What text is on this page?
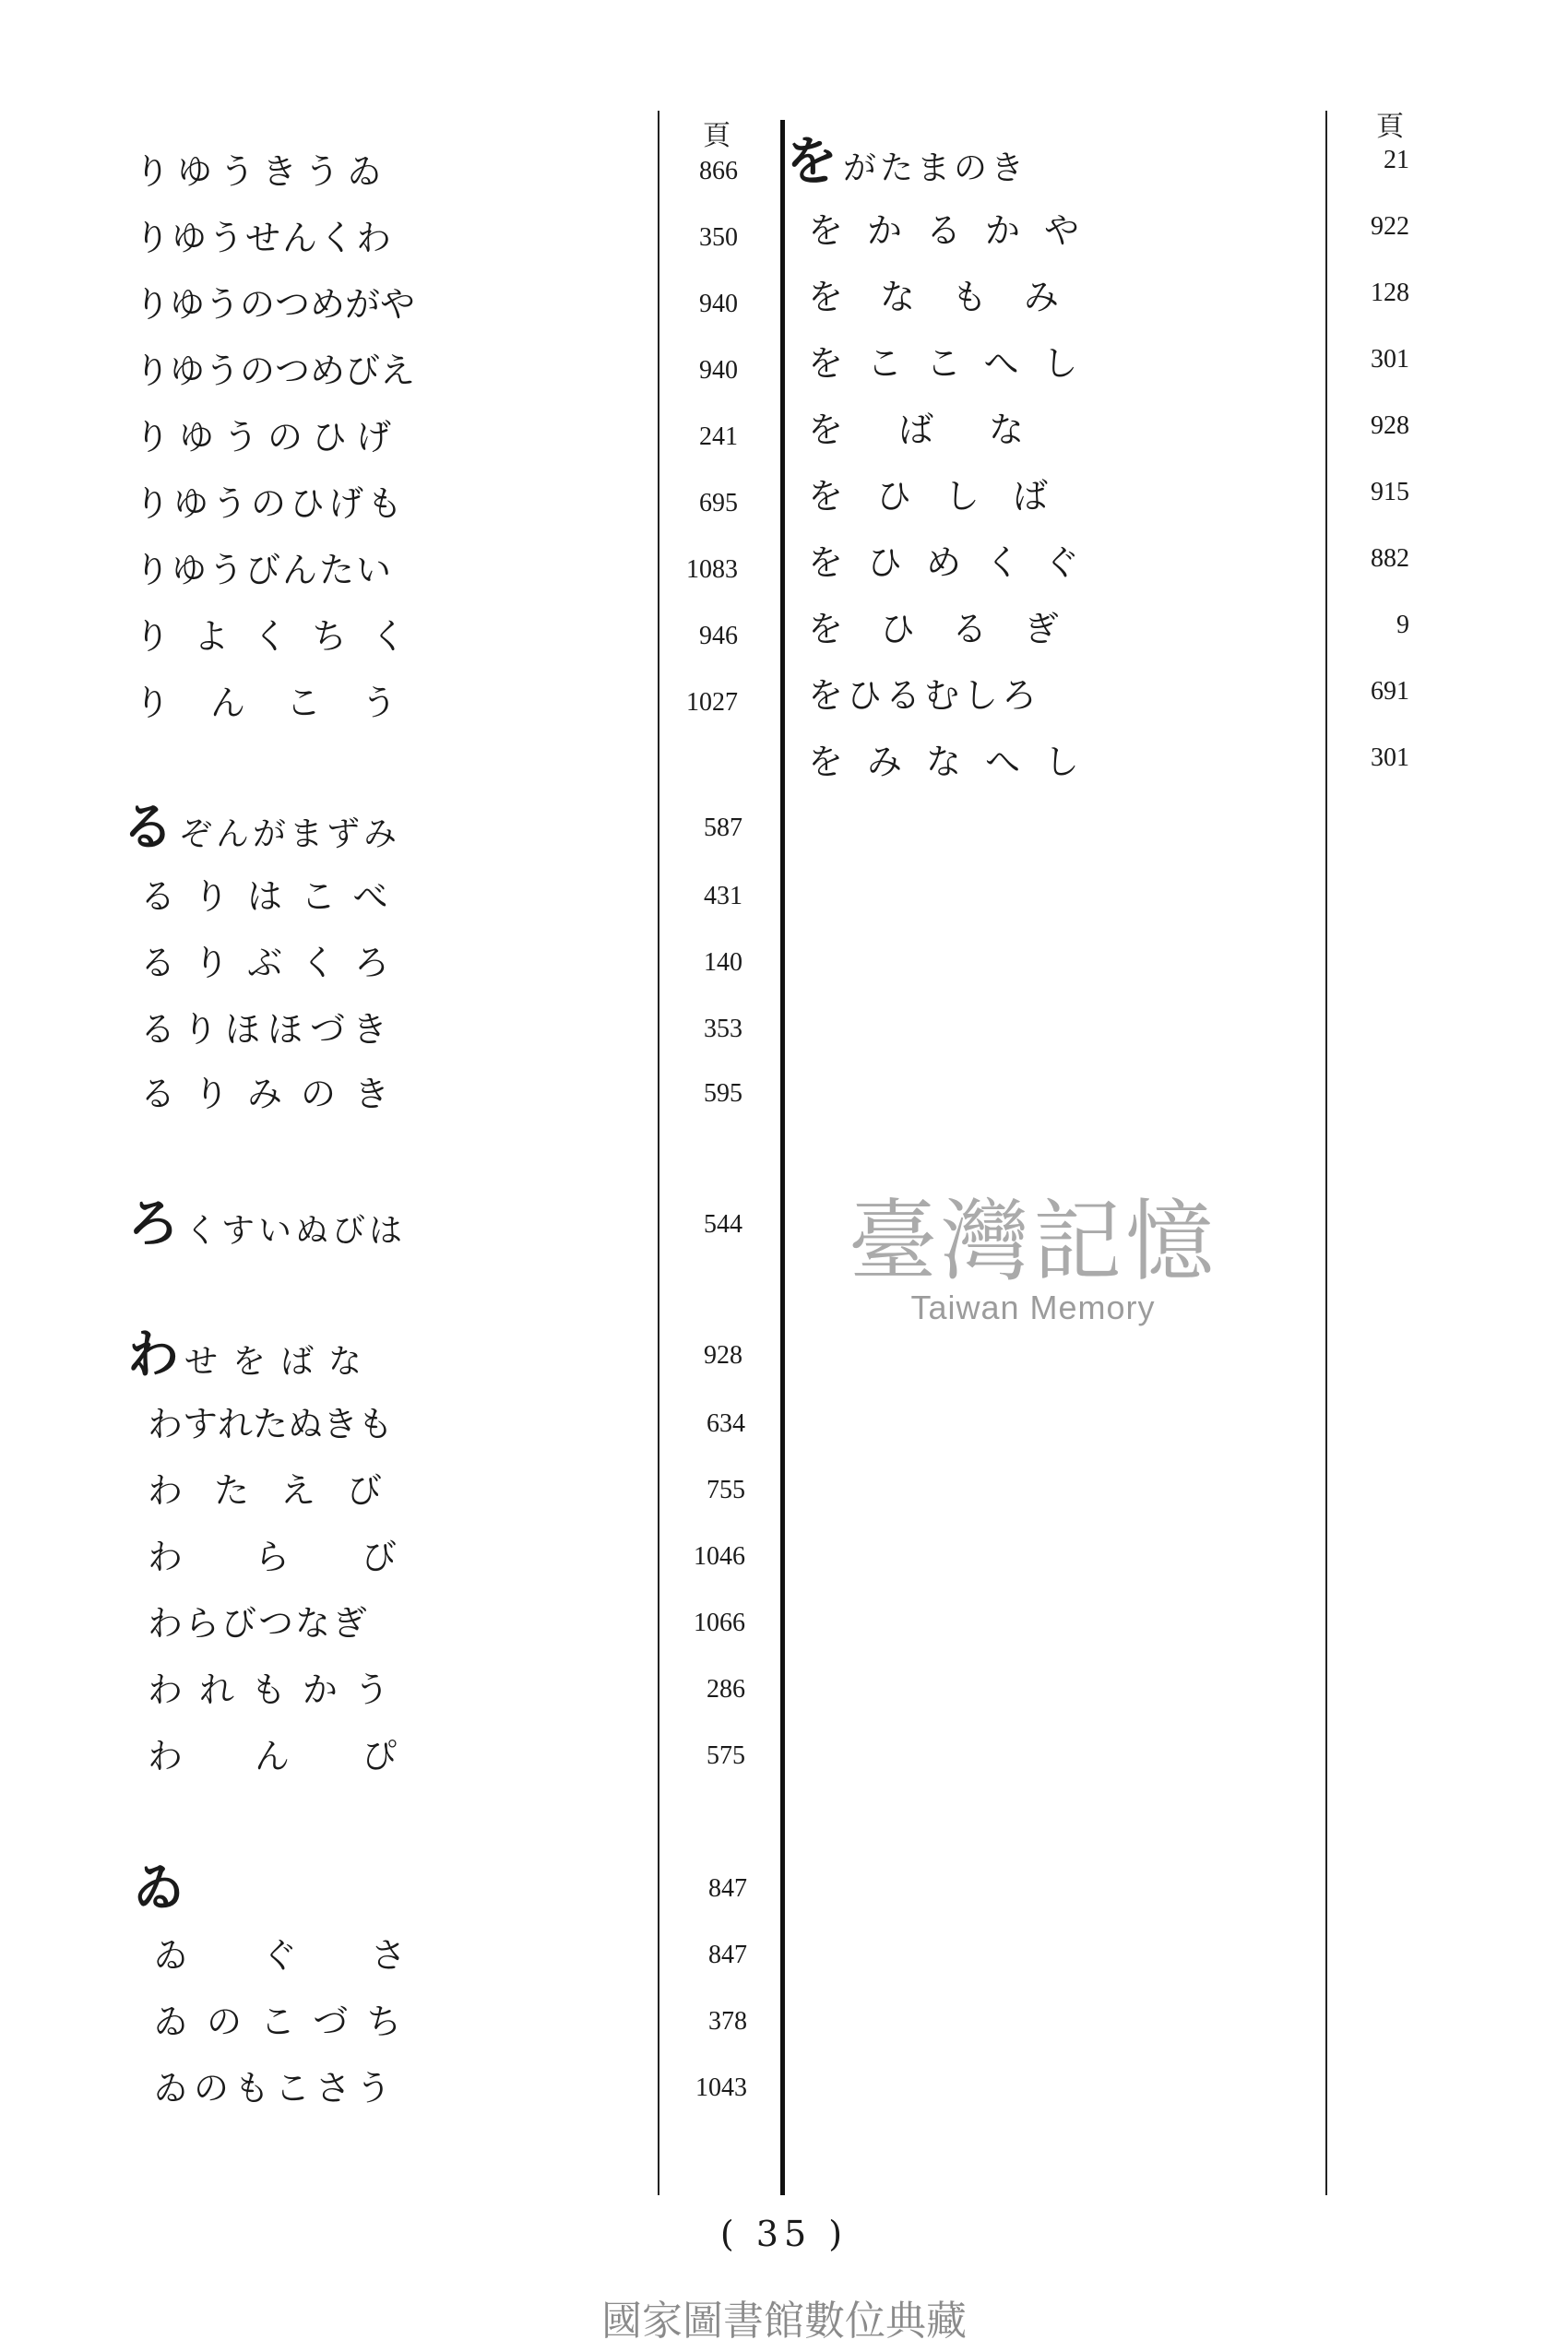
頁	頁
りゆうきうゐ	866
りゆうせんくわ	350
りゆうのつめがや	940
りゆうのつめびえ	940
りゆうのひげ	241
りゆうのひげも	695
りゆうびんたい	1083
りよくちく	946
りんこう	1027
るぞんがまずみ	587
るりはこべ	431
るりぶくろ	140
るりほほづき	353
るりみのき	595
ろくすいぬびは	544
わせをばな	928
わすれたぬきも	634
わたえび	755
わらび	1046
わらびつなぎ	1066
われもかう	286
わんぴ	575
ゐ	847
ゐぐさ	847
ゐのこづち	378
ゐのもこさう	1043
をがたまのき	21
をかるかや	922
をなもみ	128
をここへし	301
をばな	928
をひしば	915
をひめくぐ	882
をひるぎ	9
をひるむしろ	691
をみなへし	301
臺灣記憶
Taiwan Memory
( 35 )
國家圖書館數位典藏
